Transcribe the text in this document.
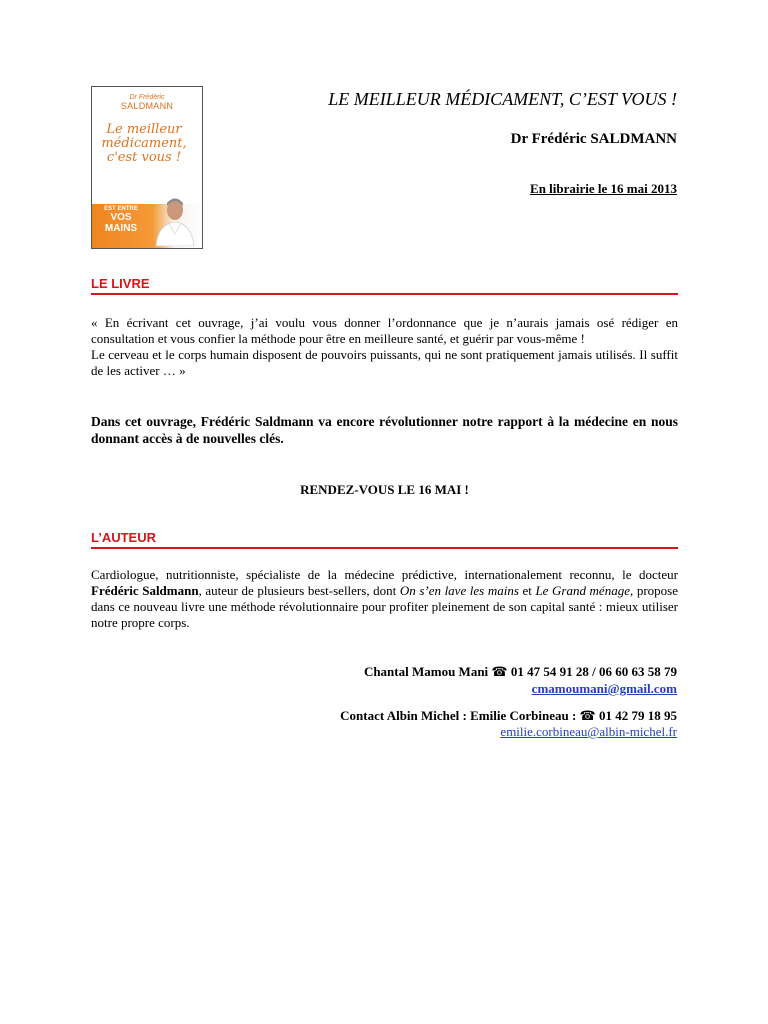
Dr Frédéric
SALDMANN
Le meilleur
médicament,
c'est vous !
VOTRE SANTÉ
EST ENTRE
VOS MAINS
LE MEILLEUR MÉDICAMENT, C’EST VOUS !
Dr Frédéric SALDMANN
En librairie le 16 mai 2013
LE LIVRE

« En écrivant cet ouvrage, j’ai voulu vous donner l’ordonnance que je n’aurais jamais osé rédiger en consultation et vous confier la méthode pour être en meilleure santé, et guérir par vous-même !

Le cerveau et le corps humain disposent de pouvoirs puissants, qui ne sont pratiquement jamais utilisés. Il suffit de les activer … »

Dans cet ouvrage, Frédéric Saldmann va encore révolutionner notre rapport à la médecine en nous donnant accès à de nouvelles clés.
RENDEZ-VOUS LE 16 MAI !
L’AUTEUR
Cardiologue, nutritionniste, spécialiste de la médecine prédictive, internationalement reconnu, le docteur Frédéric Saldmann, auteur de plusieurs best-sellers, dont On s’en lave les mains et Le Grand ménage, propose dans ce nouveau livre une méthode révolutionnaire pour profiter pleinement de son capital santé : mieux utiliser notre propre corps.
Chantal Mamou Mani ☎ 01 47 54 91 28 / 06 60 63 58 79
cmamoumani@gmail.com
Contact Albin Michel : Emilie Corbineau : ☎ 01 42 79 18 95
emilie.corbineau@albin-michel.fr
